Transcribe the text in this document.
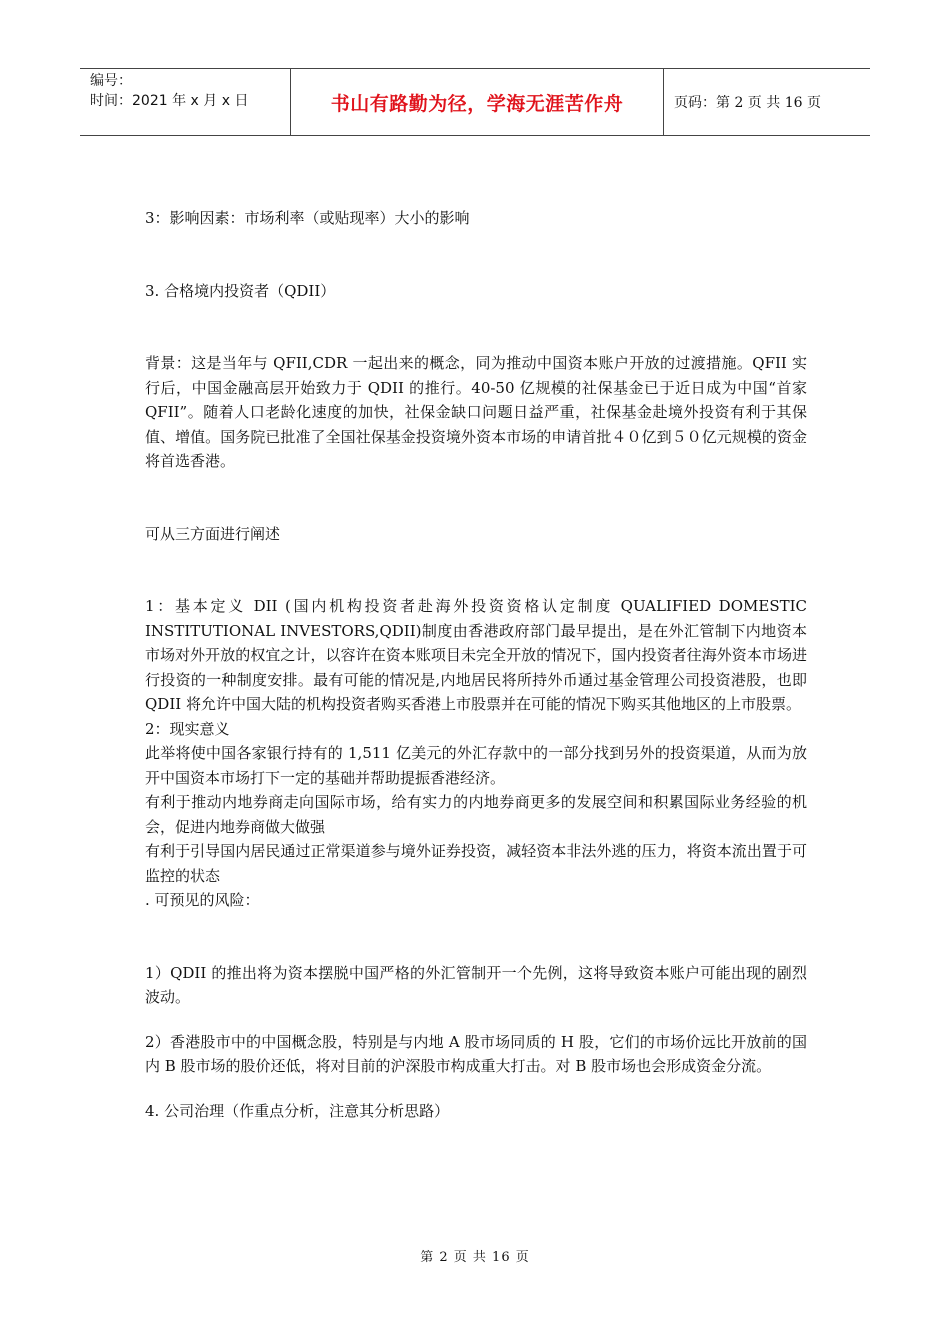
编号：
时间：2021 年 x 月 x 日	书山有路勤为径，学海无涯苦作舟	页码：第 2 页 共 16 页

3：影响因素：市场利率（或贴现率）大小的影响

3. 合格境内投资者（QDII）

背景：这是当年与 QFII,CDR 一起出来的概念，同为推动中国资本账户开放的过渡措施。QFII 实行后，中国金融高层开始致力于 QDII 的推行。40-50 亿规模的社保基金已于近日成为中国“首家 QFII”。随着人口老龄化速度的加快，社保金缺口问题日益严重，社保基金赴境外投资有利于其保值、增值。国务院已批准了全国社保基金投资境外资本市场的申请首批４０亿到５０亿元规模的资金将首选香港。

可从三方面进行阐述

1：基本定义 DII (国内机构投资者赴海外投资资格认定制度 QUALIFIED DOMESTIC INSTITUTIONAL INVESTORS,QDII)制度由香港政府部门最早提出，是在外汇管制下内地资本市场对外开放的权宜之计，以容许在资本账项目未完全开放的情况下，国内投资者往海外资本市场进行投资的一种制度安排。最有可能的情况是,内地居民将所持外币通过基金管理公司投资港股，也即 QDII 将允许中国大陆的机构投资者购买香港上市股票并在可能的情况下购买其他地区的上市股票。

2：现实意义

此举将使中国各家银行持有的 1,511 亿美元的外汇存款中的一部分找到另外的投资渠道，从而为放开中国资本市场打下一定的基础并帮助提振香港经济。

有利于推动内地券商走向国际市场，给有实力的内地券商更多的发展空间和积累国际业务经验的机会，促进内地券商做大做强

有利于引导国内居民通过正常渠道参与境外证券投资，减轻资本非法外逃的压力，将资本流出置于可监控的状态

. 可预见的风险：

1）QDII 的推出将为资本摆脱中国严格的外汇管制开一个先例，这将导致资本账户可能出现的剧烈波动。

2）香港股市中的中国概念股，特别是与内地 A 股市场同质的 H 股，它们的市场价远比开放前的国内 B 股市场的股价还低，将对目前的沪深股市构成重大打击。对 B 股市场也会形成资金分流。

4. 公司治理（作重点分析，注意其分析思路）

第 2 页 共 16 页
